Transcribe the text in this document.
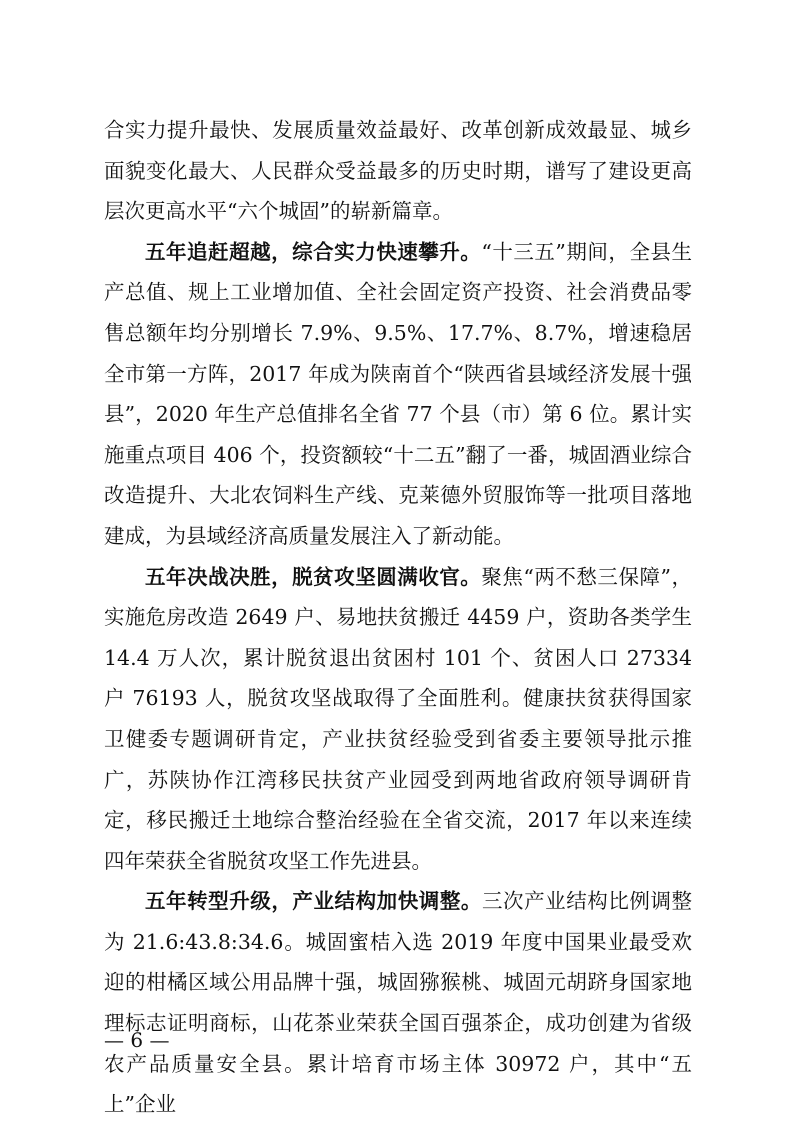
合实力提升最快、发展质量效益最好、改革创新成效最显、城乡面貌变化最大、人民群众受益最多的历史时期，谱写了建设更高层次更高水平“六个城固”的崭新篇章。

五年追赶超越，综合实力快速攀升。“十三五”期间，全县生产总值、规上工业增加值、全社会固定资产投资、社会消费品零售总额年均分别增长 7.9%、9.5%、17.7%、8.7%，增速稳居全市第一方阵，2017 年成为陕南首个“陕西省县域经济发展十强县”，2020 年生产总值排名全省 77 个县（市）第 6 位。累计实施重点项目 406 个，投资额较“十二五”翻了一番，城固酒业综合改造提升、大北农饲料生产线、克莱德外贸服饰等一批项目落地建成，为县域经济高质量发展注入了新动能。

五年决战决胜，脱贫攻坚圆满收官。聚焦“两不愁三保障”，实施危房改造 2649 户、易地扶贫搬迁 4459 户，资助各类学生 14.4 万人次，累计脱贫退出贫困村 101 个、贫困人口 27334 户 76193 人，脱贫攻坚战取得了全面胜利。健康扶贫获得国家卫健委专题调研肯定，产业扶贫经验受到省委主要领导批示推广，苏陕协作江湾移民扶贫产业园受到两地省政府领导调研肯定，移民搬迁土地综合整治经验在全省交流，2017 年以来连续四年荣获全省脱贫攻坚工作先进县。

五年转型升级，产业结构加快调整。三次产业结构比例调整为 21.6:43.8:34.6。城固蜜桔入选 2019 年度中国果业最受欢迎的柑橘区域公用品牌十强，城固猕猴桃、城固元胡跻身国家地理标志证明商标，山花茶业荣获全国百强茶企，成功创建为省级农产品质量安全县。累计培育市场主体 30972 户，其中“五上”企业

— 6 —
